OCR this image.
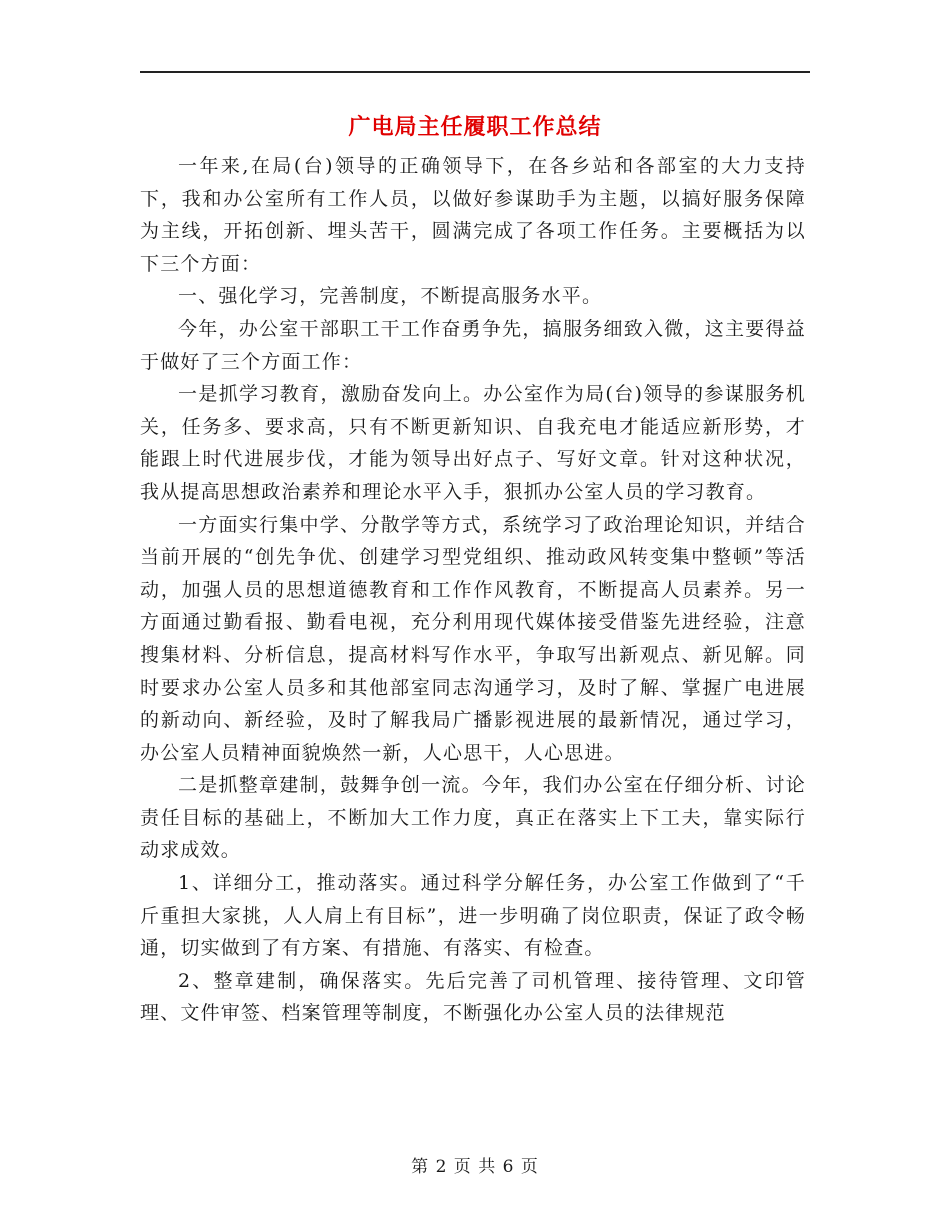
广电局主任履职工作总结

一年来,在局(台)领导的正确领导下，在各乡站和各部室的大力支持下，我和办公室所有工作人员，以做好参谋助手为主题，以搞好服务保障为主线，开拓创新、埋头苦干，圆满完成了各项工作任务。主要概括为以下三个方面：

一、强化学习，完善制度，不断提高服务水平。

今年，办公室干部职工干工作奋勇争先，搞服务细致入微，这主要得益于做好了三个方面工作：

一是抓学习教育，激励奋发向上。办公室作为局(台)领导的参谋服务机关，任务多、要求高，只有不断更新知识、自我充电才能适应新形势，才能跟上时代进展步伐，才能为领导出好点子、写好文章。针对这种状况，我从提高思想政治素养和理论水平入手，狠抓办公室人员的学习教育。

一方面实行集中学、分散学等方式，系统学习了政治理论知识，并结合当前开展的“创先争优、创建学习型党组织、推动政风转变集中整顿”等活动，加强人员的思想道德教育和工作作风教育，不断提高人员素养。另一方面通过勤看报、勤看电视，充分利用现代媒体接受借鉴先进经验，注意搜集材料、分析信息，提高材料写作水平，争取写出新观点、新见解。同时要求办公室人员多和其他部室同志沟通学习，及时了解、掌握广电进展的新动向、新经验，及时了解我局广播影视进展的最新情况，通过学习，办公室人员精神面貌焕然一新，人心思干，人心思进。

二是抓整章建制，鼓舞争创一流。今年，我们办公室在仔细分析、讨论责任目标的基础上，不断加大工作力度，真正在落实上下工夫，靠实际行动求成效。

1、详细分工，推动落实。通过科学分解任务，办公室工作做到了“千斤重担大家挑，人人肩上有目标”，进一步明确了岗位职责，保证了政令畅通，切实做到了有方案、有措施、有落实、有检查。

2、整章建制，确保落实。先后完善了司机管理、接待管理、文印管理、文件审签、档案管理等制度，不断强化办公室人员的法律规范

第 2 页 共 6 页
